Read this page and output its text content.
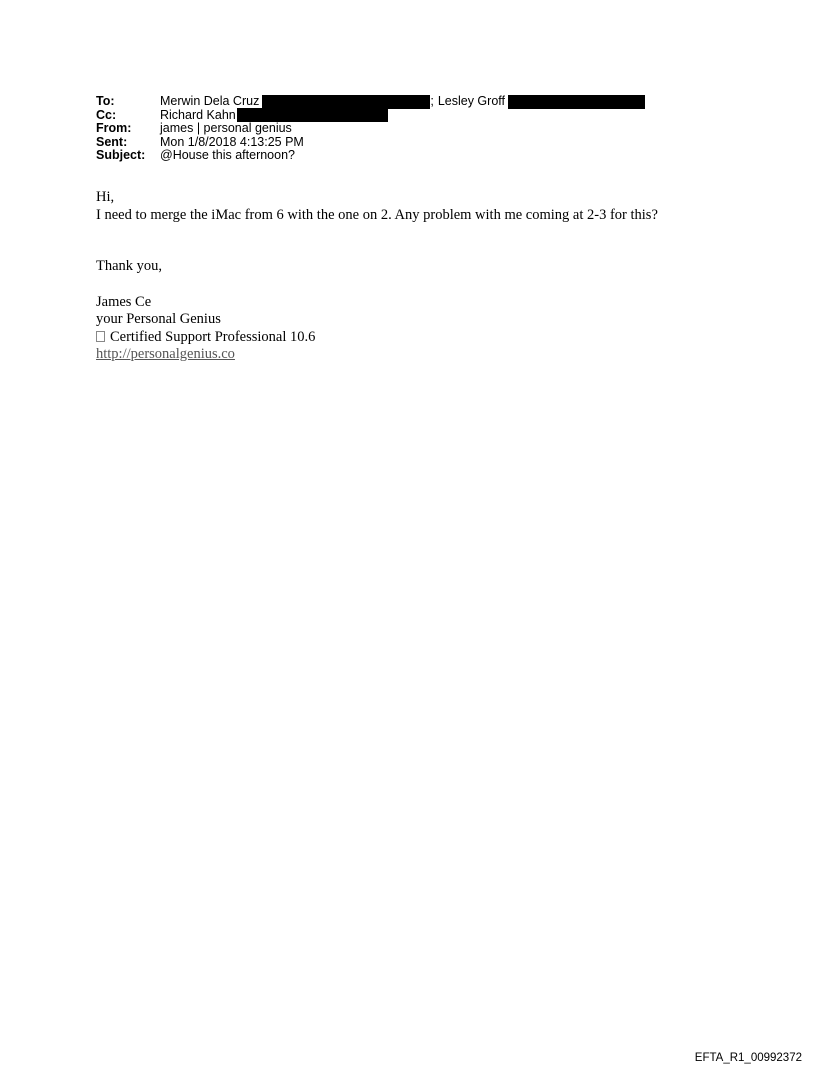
To:	Merwin Dela Cruz	; Lesley Groff
Cc:	Richard Kahn
From:	james | personal genius
Sent:	Mon 1/8/2018 4:13:25 PM
Subject:	@House this afternoon?

Hi,

I need to merge the iMac from 6 with the one on 2. Any problem with me coming at 2-3 for this?

Thank you,

James Ce

your Personal Genius

Certified Support Professional 10.6

http://personalgenius.co

EFTA_R1_00992372
